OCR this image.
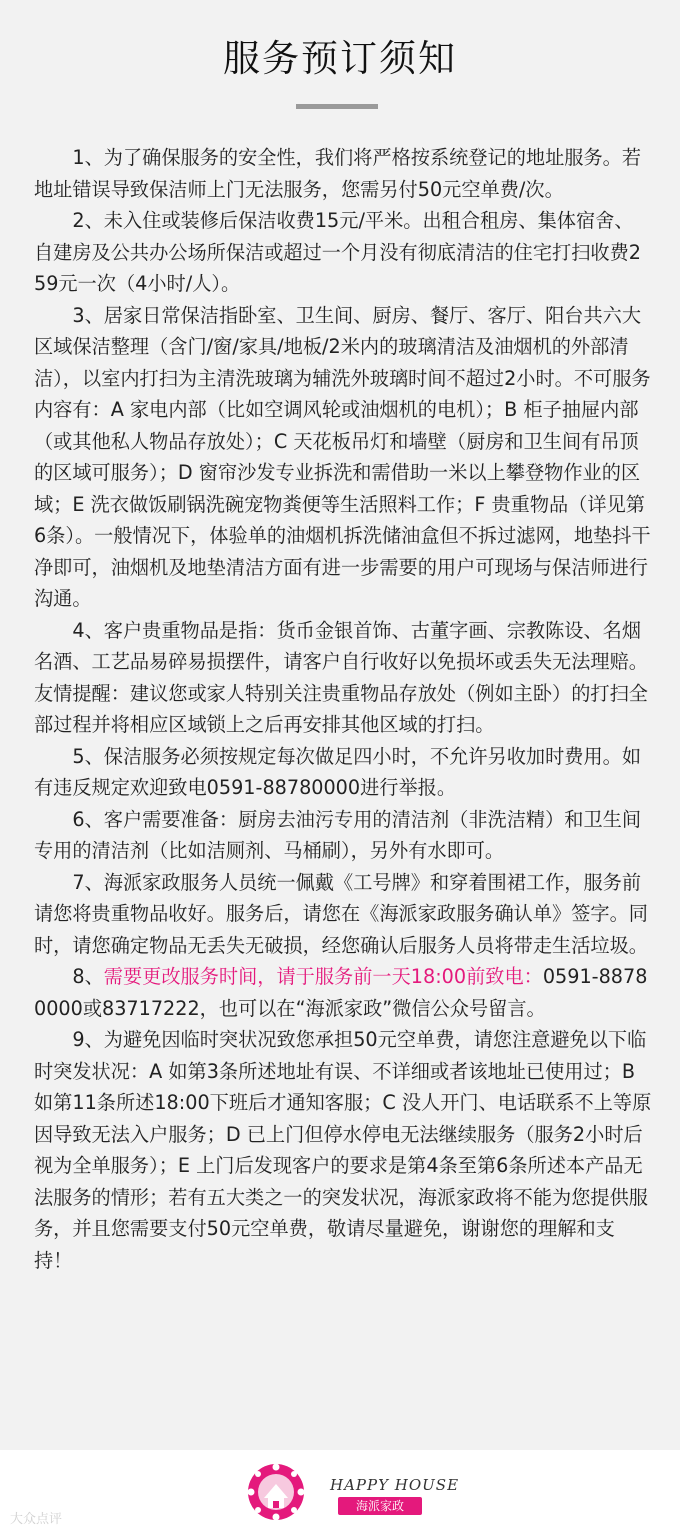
服务预订须知

1、为了确保服务的安全性，我们将严格按系统登记的地址服务。若地址错误导致保洁师上门无法服务，您需另付50元空单费/次。

2、未入住或装修后保洁收费15元/平米。出租合租房、集体宿舍、自建房及公共办公场所保洁或超过一个月没有彻底清洁的住宅打扫收费259元一次（4小时/人）。

3、居家日常保洁指卧室、卫生间、厨房、餐厅、客厅、阳台共六大区域保洁整理（含门/窗/家具/地板/2米内的玻璃清洁及油烟机的外部清洁），以室内打扫为主清洗玻璃为辅洗外玻璃时间不超过2小时。不可服务内容有：A 家电内部（比如空调风轮或油烟机的电机）；B 柜子抽屉内部（或其他私人物品存放处）；C 天花板吊灯和墙壁（厨房和卫生间有吊顶的区域可服务）；D 窗帘沙发专业拆洗和需借助一米以上攀登物作业的区域；E 洗衣做饭刷锅洗碗宠物粪便等生活照料工作；F 贵重物品（详见第6条）。一般情况下，体验单的油烟机拆洗储油盒但不拆过滤网，地垫抖干净即可，油烟机及地垫清洁方面有进一步需要的用户可现场与保洁师进行沟通。

4、客户贵重物品是指：货币金银首饰、古董字画、宗教陈设、名烟名酒、工艺品易碎易损摆件，请客户自行收好以免损坏或丢失无法理赔。友情提醒：建议您或家人特别关注贵重物品存放处（例如主卧）的打扫全部过程并将相应区域锁上之后再安排其他区域的打扫。

5、保洁服务必须按规定每次做足四小时，不允许另收加时费用。如有违反规定欢迎致电0591-88780000进行举报。

6、客户需要准备：厨房去油污专用的清洁剂（非洗洁精）和卫生间专用的清洁剂（比如洁厕剂、马桶刷），另外有水即可。

7、海派家政服务人员统一佩戴《工号牌》和穿着围裙工作，服务前请您将贵重物品收好。服务后，请您在《海派家政服务确认单》签字。同时，请您确定物品无丢失无破损，经您确认后服务人员将带走生活垃圾。

8、需要更改服务时间，请于服务前一天18:00前致电：0591-88780000或83717222，也可以在“海派家政”微信公众号留言。

9、为避免因临时突状况致您承担50元空单费，请您注意避免以下临时突发状况：A 如第3条所述地址有误、不详细或者该地址已使用过；B 如第11条所述18:00下班后才通知客服；C 没人开门、电话联系不上等原因导致无法入户服务；D 已上门但停水停电无法继续服务（服务2小时后视为全单服务）；E 上门后发现客户的要求是第4条至第6条所述本产品无法服务的情形；若有五大类之一的突发状况，海派家政将不能为您提供服务，并且您需要支付50元空单费，敬请尽量避免，谢谢您的理解和支持！

大众点评
HAPPY HOUSE
海派家政
